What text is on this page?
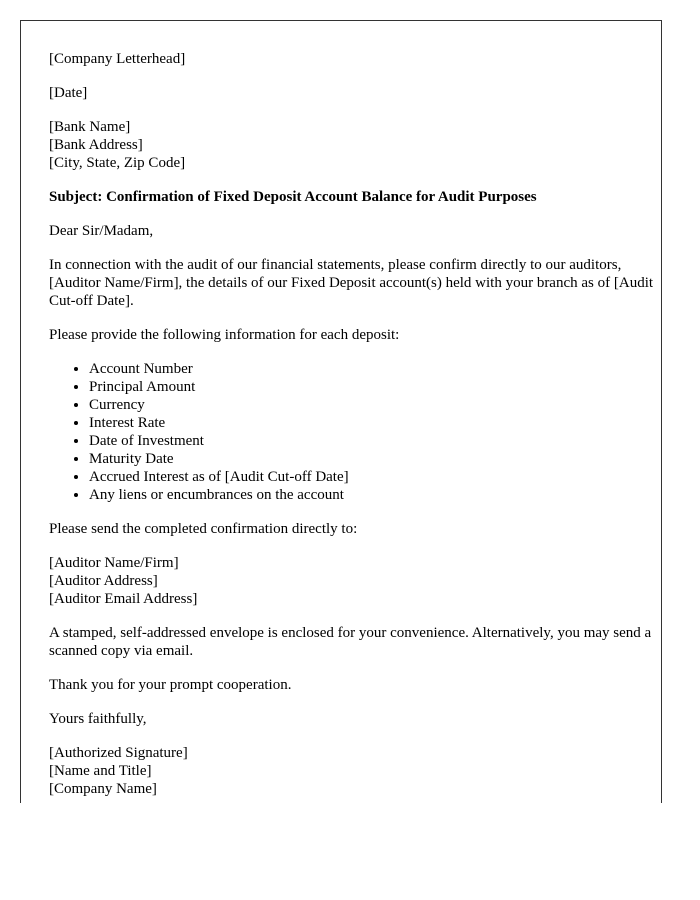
[Company Letterhead]

[Date]

[Bank Name]
[Bank Address]
[City, State, Zip Code]

Subject: Confirmation of Fixed Deposit Account Balance for Audit Purposes

Dear Sir/Madam,

In connection with the audit of our financial statements, please confirm directly to our auditors, [Auditor Name/Firm], the details of our Fixed Deposit account(s) held with your branch as of [Audit Cut-off Date].

Please provide the following information for each deposit:

• Account Number
• Principal Amount
• Currency
• Interest Rate
• Date of Investment
• Maturity Date
• Accrued Interest as of [Audit Cut-off Date]
• Any liens or encumbrances on the account

Please send the completed confirmation directly to:

[Auditor Name/Firm]
[Auditor Address]
[Auditor Email Address]

A stamped, self-addressed envelope is enclosed for your convenience. Alternatively, you may send a scanned copy via email.

Thank you for your prompt cooperation.

Yours faithfully,

[Authorized Signature]
[Name and Title]
[Company Name]
